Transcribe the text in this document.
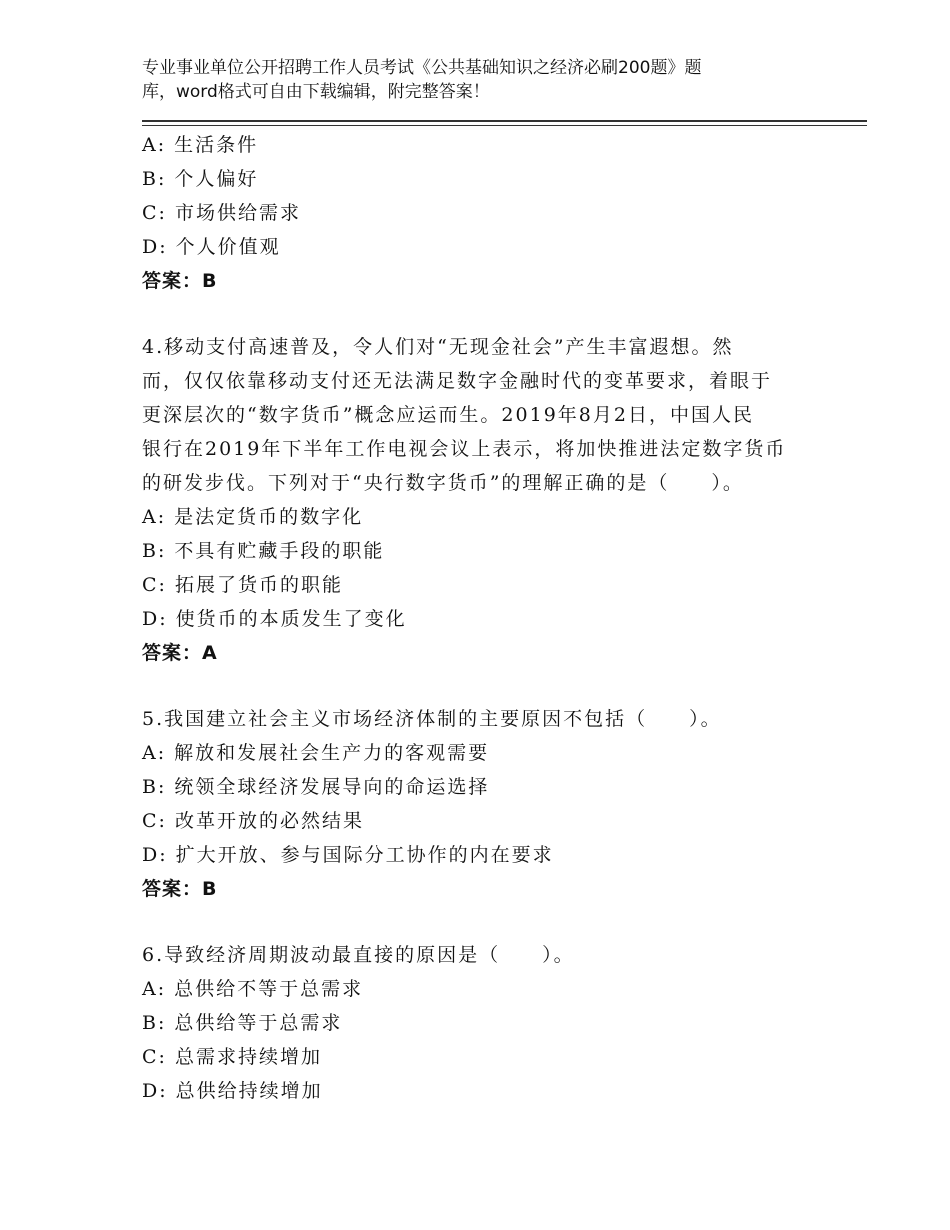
专业事业单位公开招聘工作人员考试《公共基础知识之经济必刷200题》题
库，word格式可自由下载编辑，附完整答案！
A: 生活条件
B: 个人偏好
C: 市场供给需求
D: 个人价值观
答案：B
4.移动支付高速普及，令人们对“无现金社会”产生丰富遐想。然
而，仅仅依靠移动支付还无法满足数字金融时代的变革要求，着眼于
更深层次的“数字货币”概念应运而生。2019年8月2日，中国人民
银行在2019年下半年工作电视会议上表示，将加快推进法定数字货币
的研发步伐。下列对于“央行数字货币”的理解正确的是（　　）。
A: 是法定货币的数字化
B: 不具有贮藏手段的职能
C: 拓展了货币的职能
D: 使货币的本质发生了变化
答案：A
5.我国建立社会主义市场经济体制的主要原因不包括（　　）。
A: 解放和发展社会生产力的客观需要
B: 统领全球经济发展导向的命运选择
C: 改革开放的必然结果
D: 扩大开放、参与国际分工协作的内在要求
答案：B
6.导致经济周期波动最直接的原因是（　　）。
A: 总供给不等于总需求
B: 总供给等于总需求
C: 总需求持续增加
D: 总供给持续增加
